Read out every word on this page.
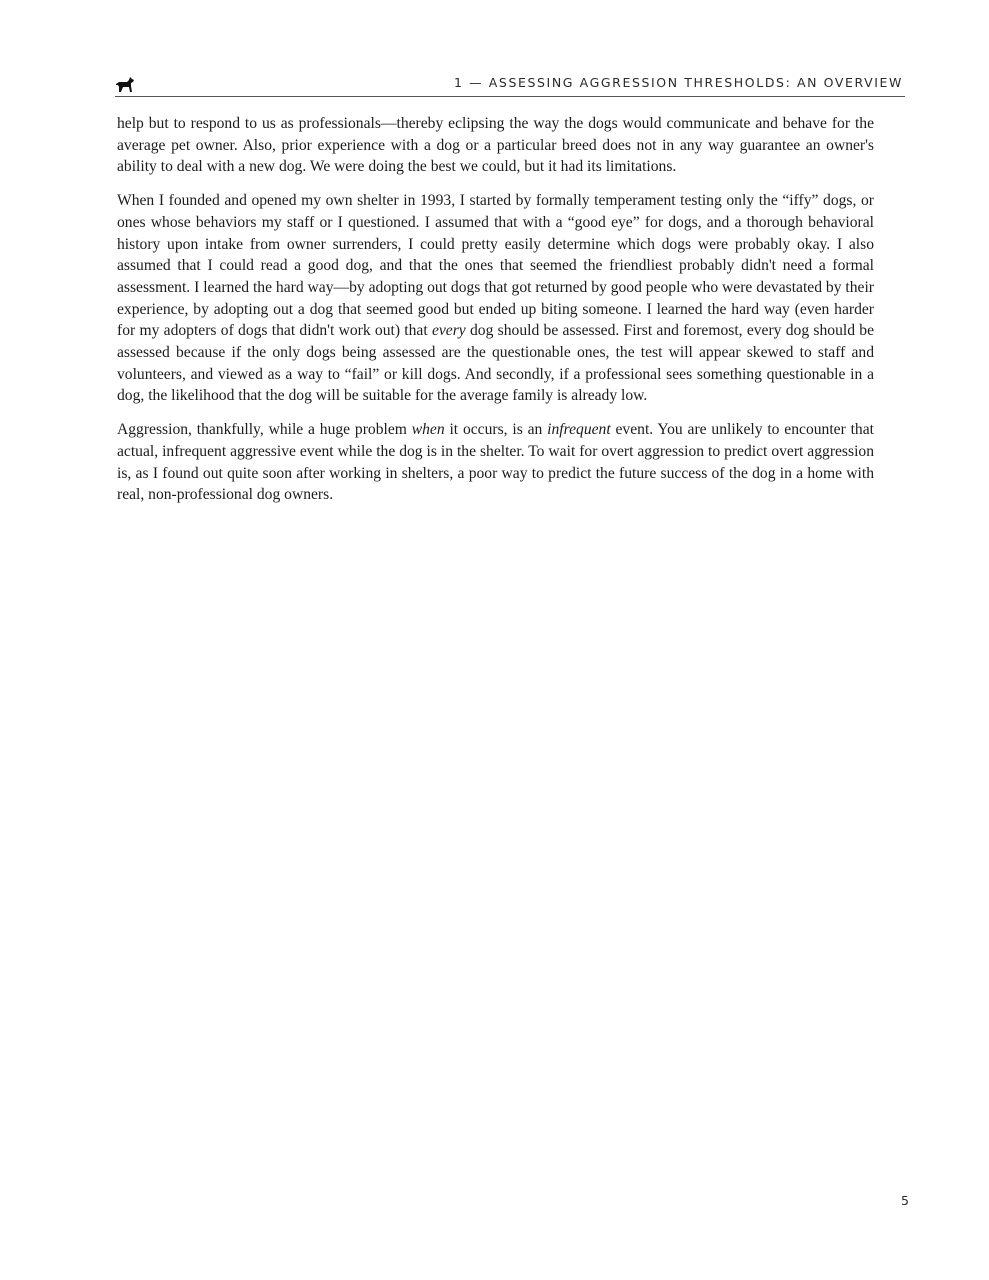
1 — ASSESSING AGGRESSION THRESHOLDS: AN OVERVIEW

help but to respond to us as professionals—thereby eclipsing the way the dogs would communicate and behave for the average pet owner. Also, prior experience with a dog or a particular breed does not in any way guarantee an owner's ability to deal with a new dog. We were doing the best we could, but it had its limitations.

When I founded and opened my own shelter in 1993, I started by formally temperament testing only the “iffy” dogs, or ones whose behaviors my staff or I questioned. I assumed that with a “good eye” for dogs, and a thorough behavioral history upon intake from owner surrenders, I could pretty easily determine which dogs were probably okay. I also assumed that I could read a good dog, and that the ones that seemed the friendliest probably didn't need a formal assessment. I learned the hard way—by adopting out dogs that got returned by good people who were devastated by their experience, by adopting out a dog that seemed good but ended up biting someone. I learned the hard way (even harder for my adopters of dogs that didn't work out) that every dog should be assessed. First and foremost, every dog should be assessed because if the only dogs being assessed are the questionable ones, the test will appear skewed to staff and volunteers, and viewed as a way to “fail” or kill dogs. And secondly, if a professional sees something questionable in a dog, the likelihood that the dog will be suitable for the average family is already low.

Aggression, thankfully, while a huge problem when it occurs, is an infrequent event. You are unlikely to encounter that actual, infrequent aggressive event while the dog is in the shelter. To wait for overt aggression to predict overt aggression is, as I found out quite soon after working in shelters, a poor way to predict the future success of the dog in a home with real, non-professional dog owners.

5
